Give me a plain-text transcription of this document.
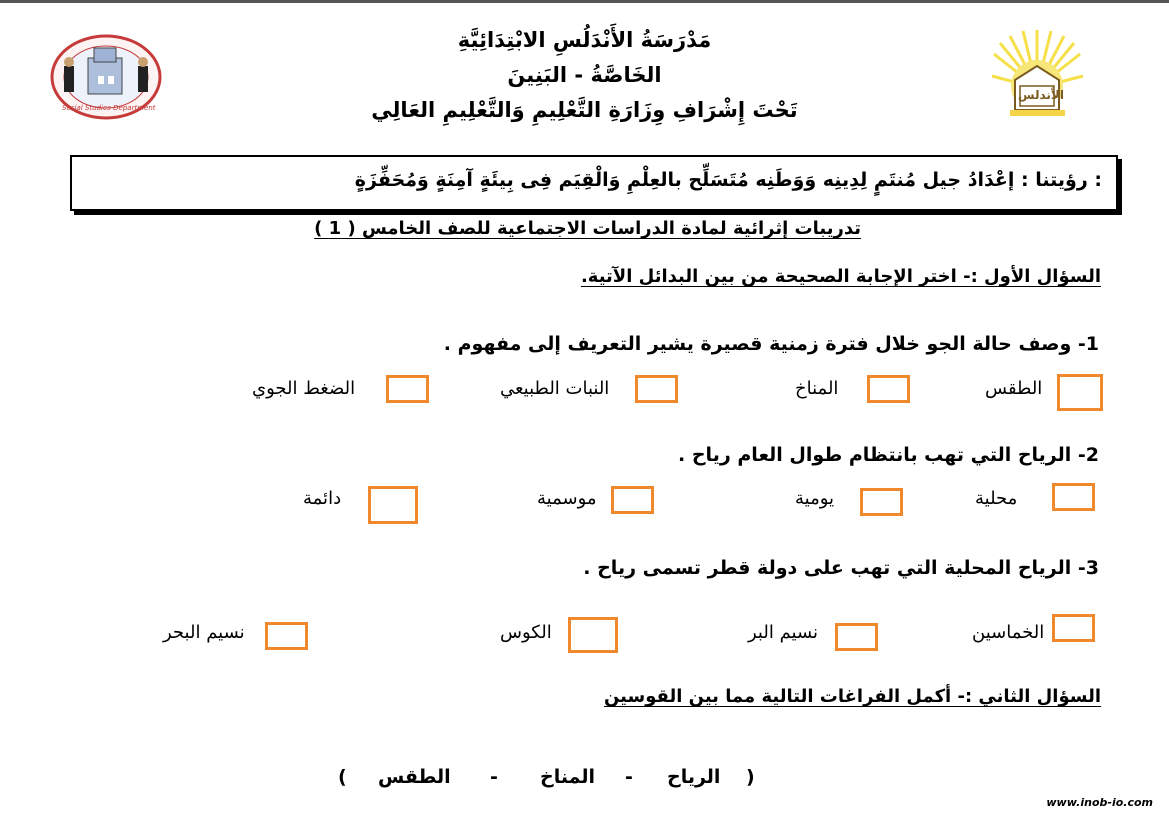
الأندلس
Social Studies Department
مَدْرَسَةُ الأَنْدَلُسِ الابْتِدَائِيَّةِ
الخَاصَّةُ - البَنِينَ
تَحْتَ إِشْرَافِ وِزَارَةِ التَّعْلِيمِ وَالتَّعْلِيمِ العَالِي
: رؤيتنا : إعْدَادُ جيل مُنتَمٍ لِدِينِه وَوَطَنِه مُتَسَلِّح بالعِلْمِ وَالْقِيَم فِى بِيئَةٍ آمِنَةٍ وَمُحَفِّزَةٍ
تدريبات إثرائية لمادة الدراسات الاجتماعية للصف الخامس ( 1 )
السؤال الأول :- اختر الإجابة الصحيحة من بين البدائل الآتية.
1- وصف حالة الجو خلال فترة زمنية قصيرة يشير التعريف إلى مفهوم .
الطقس
المناخ
النبات الطبيعي
الضغط الجوي
2- الرياح التي تهب بانتظام طوال العام رياح .
محلية
يومية
موسمية
دائمة
3- الرياح المحلية التي تهب على دولة قطر تسمى رياح .
الخماسين
نسيم البر
الكوس
نسيم البحر
السؤال الثاني :- أكمل الفراغات التالية مما بين القوسين
(
الرياح
-
المناخ
-
الطقس
)
www.inob-io.com
